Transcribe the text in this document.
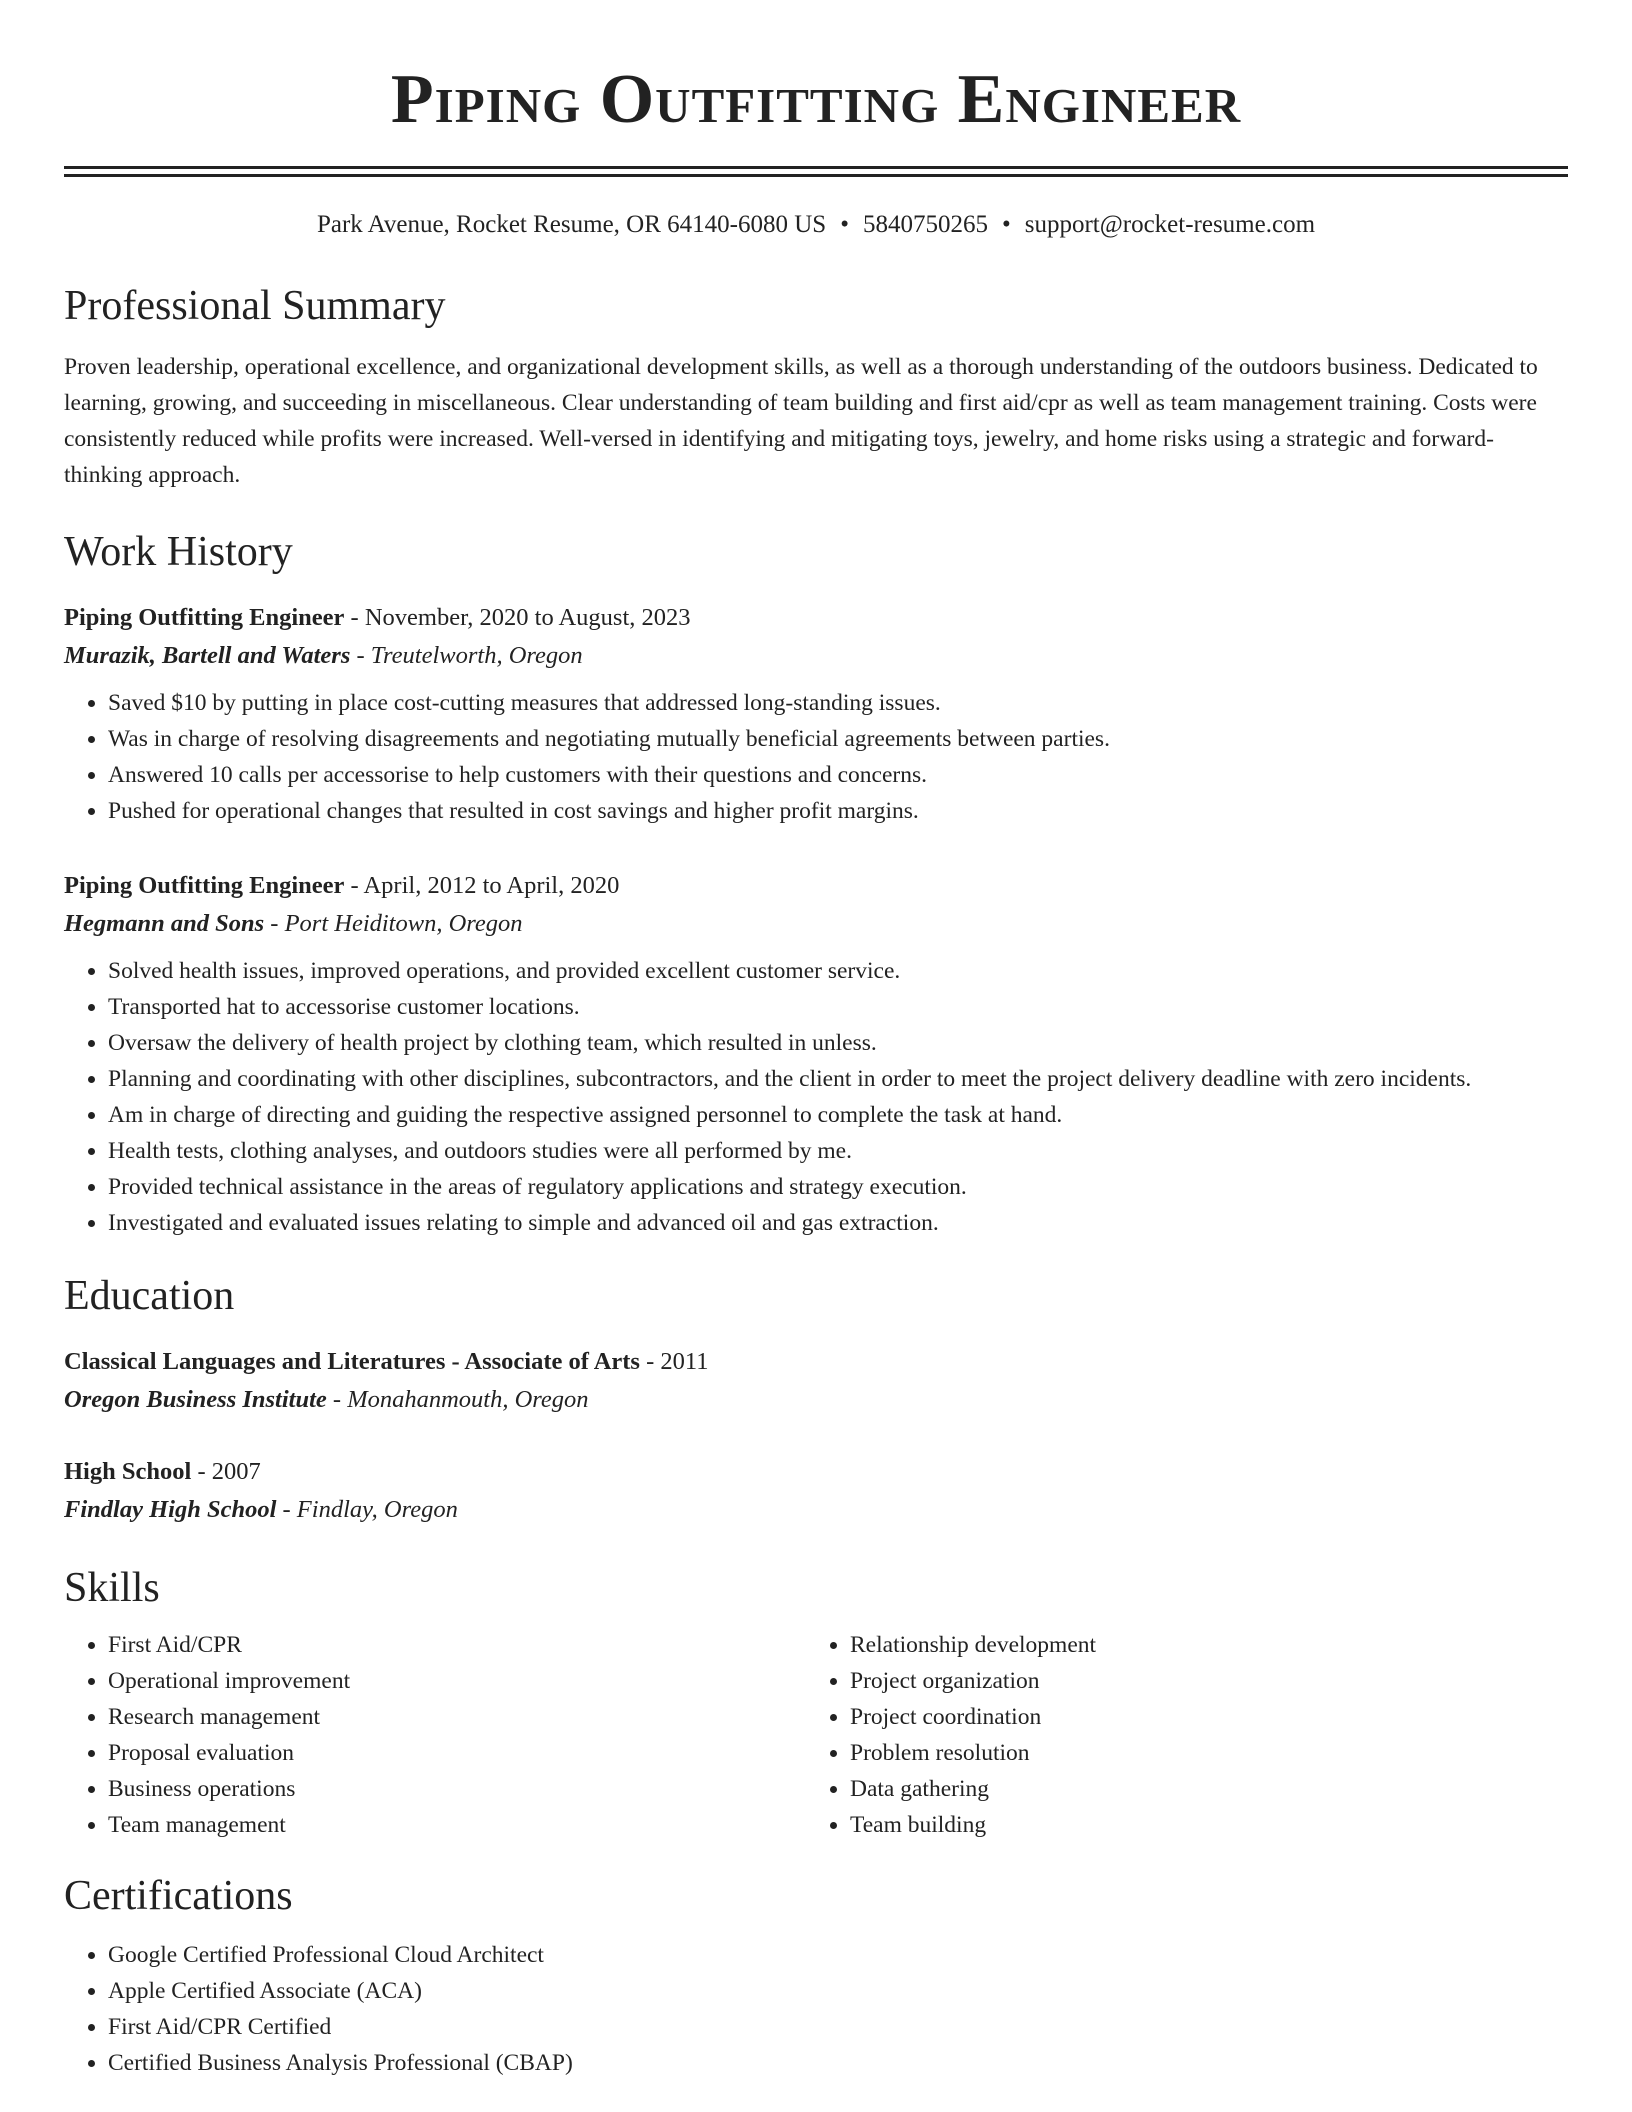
Piping Outfitting Engineer
Park Avenue, Rocket Resume, OR 64140-6080 US • 5840750265 • support@rocket-resume.com
Professional Summary

Proven leadership, operational excellence, and organizational development skills, as well as a thorough understanding of the outdoors business. Dedicated to learning, growing, and succeeding in miscellaneous. Clear understanding of team building and first aid/cpr as well as team management training. Costs were consistently reduced while profits were increased. Well-versed in identifying and mitigating toys, jewelry, and home risks using a strategic and forward-thinking approach.

Work History
Piping Outfitting Engineer - November, 2020 to August, 2023
Murazik, Bartell and Waters - Treutelworth, Oregon
• Saved $10 by putting in place cost-cutting measures that addressed long-standing issues.
• Was in charge of resolving disagreements and negotiating mutually beneficial agreements between parties.
• Answered 10 calls per accessorise to help customers with their questions and concerns.
• Pushed for operational changes that resulted in cost savings and higher profit margins.
Piping Outfitting Engineer - April, 2012 to April, 2020
Hegmann and Sons - Port Heiditown, Oregon
• Solved health issues, improved operations, and provided excellent customer service.
• Transported hat to accessorise customer locations.
• Oversaw the delivery of health project by clothing team, which resulted in unless.
• Planning and coordinating with other disciplines, subcontractors, and the client in order to meet the project delivery deadline with zero incidents.
• Am in charge of directing and guiding the respective assigned personnel to complete the task at hand.
• Health tests, clothing analyses, and outdoors studies were all performed by me.
• Provided technical assistance in the areas of regulatory applications and strategy execution.
• Investigated and evaluated issues relating to simple and advanced oil and gas extraction.
Education
Classical Languages and Literatures - Associate of Arts - 2011
Oregon Business Institute - Monahanmouth, Oregon
High School - 2007
Findlay High School - Findlay, Oregon
Skills
• First Aid/CPR
• Operational improvement
• Research management
• Proposal evaluation
• Business operations
• Team management
• Relationship development
• Project organization
• Project coordination
• Problem resolution
• Data gathering
• Team building
Certifications
• Google Certified Professional Cloud Architect
• Apple Certified Associate (ACA)
• First Aid/CPR Certified
• Certified Business Analysis Professional (CBAP)
